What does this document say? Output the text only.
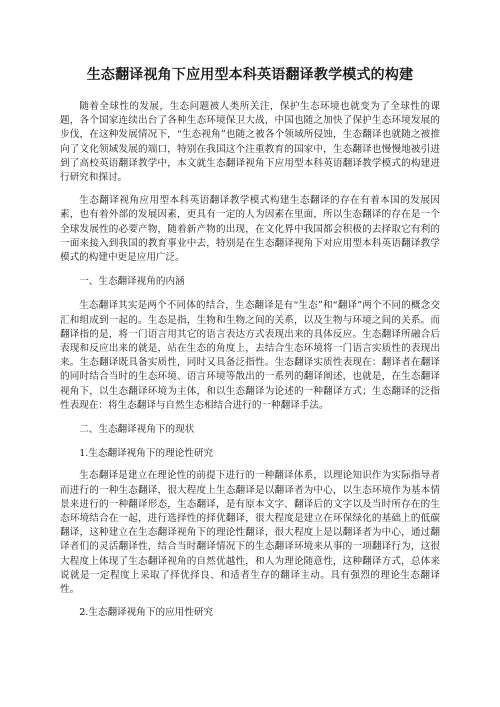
生态翻译视角下应用型本科英语翻译教学模式的构建

随着全球性的发展，生态问题被人类所关注，保护生态环境也就变为了全球性的课题，各个国家连续出台了各种生态环境保卫大战，中国也随之加快了保护生态环境发展的步伐，在这种发展情况下，“生态视角”也随之被各个领域所侵蚀，生态翻译也就随之被推向了文化领域发展的端口，特别在我国这个注重教育的国家中，生态翻译也慢慢地被引进到了高校英语翻译教学中，本文就生态翻译视角下应用型本科英语翻译教学模式的构建进行研究和探讨。

生态翻译视角应用型本科英语翻译教学模式构建生态翻译的存在有着本国的发展因素，也有着外部的发展因素，更具有一定的人为因素在里面，所以生态翻译的存在是一个全球发展性的必要产物，随着新产物的出现，在文化界中我国都会积极的去择取它有利的一面来接入到我国的教育事业中去，特别是在生态翻译视角下对应用型本科英语翻译教学模式的构建中更是应用广泛。

一、生态翻译视角的内涵

生态翻译其实是两个不同体的结合，生态翻译是有“生态”和“翻译”两个不同的概念交汇和组成到一起的。生态是指，生物和生物之间的关系，以及生物与环境之间的关系。而翻译指的是，将一门语言用其它的语言表达方式表现出来的具体反应。生态翻译所融合后表现和反应出来的就是，站在生态的角度上，去结合生态环境将一门语言实质性的表现出来。生态翻译既具备实质性，同时又具备泛指性。生态翻译实质性表现在：翻译者在翻译的同时结合当时的生态环境、语言环境等散出的一系列的翻译阐述，也就是，在生态翻译视角下，以生态翻译环境为主体，和以生态翻译为论述的一种翻译方式；生态翻译的泛指性表现在：将生态翻译与自然生态相结合进行的一种翻译手法。

二、生态翻译视角下的现状

1.生态翻译视角下的理论性研究

生态翻译是建立在理论性的前提下进行的一种翻译体系，以理论知识作为实际指导者而进行的一种生态翻译，很大程度上生态翻译是以翻译者为中心，以生态环境作为基本情景来进行的一种翻译形态，生态翻译，是有原本文字、翻译后的文字以及当时所存在的生态环境结合在一起，进行选择性的择优翻译，很大程度是建立在环保绿化的基础上的低碳翻译，这种建立在生态翻译视角下的理论性翻译，很大程度上是以翻译者为中心，通过翻译者们的灵活翻译性，结合当时翻译情况下的生态翻译环境来从事的一项翻译行为，这很大程度上体现了生态翻译视角的自然优越性，和人为理论随意性，这种翻译方式，总体来说就是一定程度上采取了择优择良、和适者生存的翻译主动。具有强烈的理论生态翻译性。

2.生态翻译视角下的应用性研究
